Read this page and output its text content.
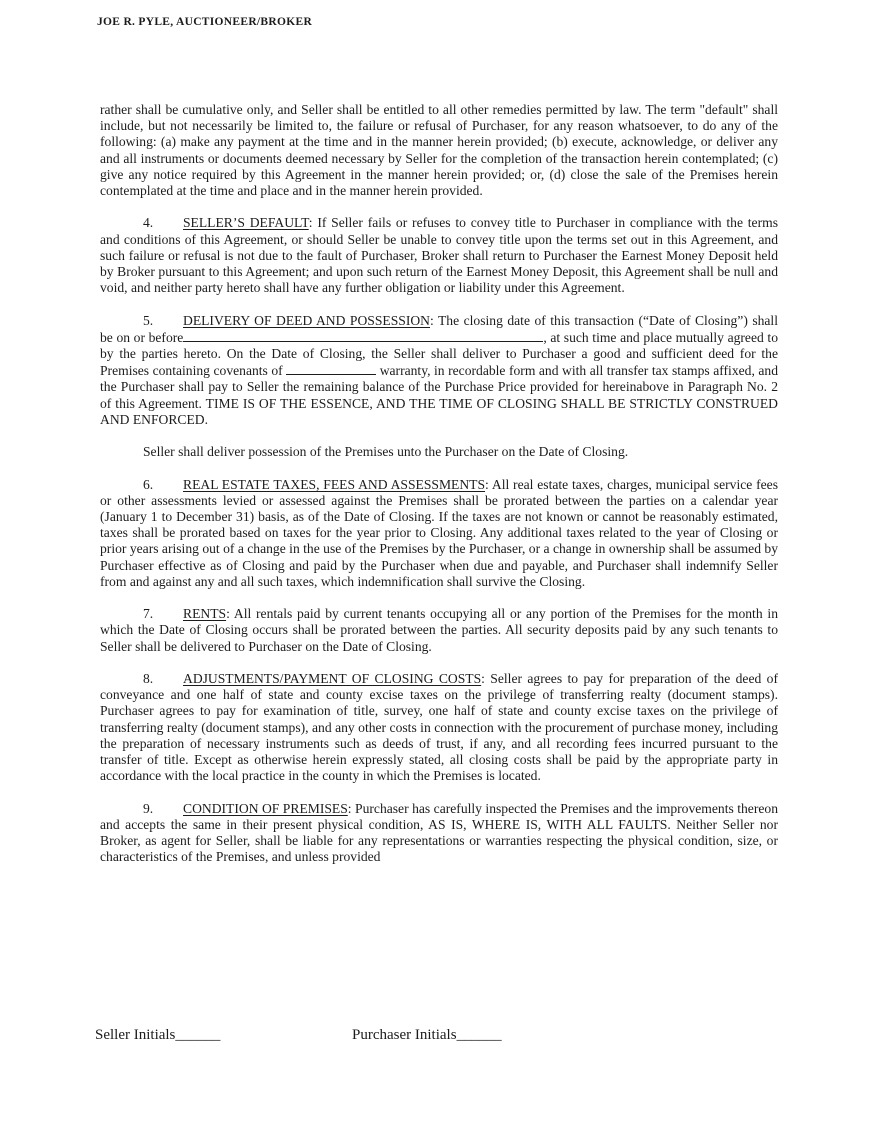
JOE R. PYLE, AUCTIONEER/BROKER

rather shall be cumulative only, and Seller shall be entitled to all other remedies permitted by law. The term "default" shall include, but not necessarily be limited to, the failure or refusal of Purchaser, for any reason whatsoever, to do any of the following: (a) make any payment at the time and in the manner herein provided; (b) execute, acknowledge, or deliver any and all instruments or documents deemed necessary by Seller for the completion of the transaction herein contemplated; (c) give any notice required by this Agreement in the manner herein provided; or, (d) close the sale of the Premises herein contemplated at the time and place and in the manner herein provided.

4. SELLER’S DEFAULT: If Seller fails or refuses to convey title to Purchaser in compliance with the terms and conditions of this Agreement, or should Seller be unable to convey title upon the terms set out in this Agreement, and such failure or refusal is not due to the fault of Purchaser, Broker shall return to Purchaser the Earnest Money Deposit held by Broker pursuant to this Agreement; and upon such return of the Earnest Money Deposit, this Agreement shall be null and void, and neither party hereto shall have any further obligation or liability under this Agreement.

5. DELIVERY OF DEED AND POSSESSION: The closing date of this transaction (“Date of Closing”) shall be on or before	, at such time and place mutually agreed to by the parties hereto. On the Date of Closing, the Seller shall deliver to Purchaser a good and sufficient deed for the Premises containing covenants of	warranty, in recordable form and with all transfer tax stamps affixed, and the Purchaser shall pay to Seller the remaining balance of the Purchase Price provided for hereinabove in Paragraph No. 2 of this Agreement. TIME IS OF THE ESSENCE, AND THE TIME OF CLOSING SHALL BE STRICTLY CONSTRUED AND ENFORCED.

Seller shall deliver possession of the Premises unto the Purchaser on the Date of Closing.

6. REAL ESTATE TAXES, FEES AND ASSESSMENTS: All real estate taxes, charges, municipal service fees or other assessments levied or assessed against the Premises shall be prorated between the parties on a calendar year (January 1 to December 31) basis, as of the Date of Closing. If the taxes are not known or cannot be reasonably estimated, taxes shall be prorated based on taxes for the year prior to Closing. Any additional taxes related to the year of Closing or prior years arising out of a change in the use of the Premises by the Purchaser, or a change in ownership shall be assumed by Purchaser effective as of Closing and paid by the Purchaser when due and payable, and Purchaser shall indemnify Seller from and against any and all such taxes, which indemnification shall survive the Closing.

7. RENTS: All rentals paid by current tenants occupying all or any portion of the Premises for the month in which the Date of Closing occurs shall be prorated between the parties. All security deposits paid by any such tenants to Seller shall be delivered to Purchaser on the Date of Closing.

8. ADJUSTMENTS/PAYMENT OF CLOSING COSTS: Seller agrees to pay for preparation of the deed of conveyance and one half of state and county excise taxes on the privilege of transferring realty (document stamps). Purchaser agrees to pay for examination of title, survey, one half of state and county excise taxes on the privilege of transferring realty (document stamps), and any other costs in connection with the procurement of purchase money, including the preparation of necessary instruments such as deeds of trust, if any, and all recording fees incurred pursuant to the transfer of title. Except as otherwise herein expressly stated, all closing costs shall be paid by the appropriate party in accordance with the local practice in the county in which the Premises is located.

9. CONDITION OF PREMISES: Purchaser has carefully inspected the Premises and the improvements thereon and accepts the same in their present physical condition, AS IS, WHERE IS, WITH ALL FAULTS. Neither Seller nor Broker, as agent for Seller, shall be liable for any representations or warranties respecting the physical condition, size, or characteristics of the Premises, and unless provided

Seller Initials______	Purchaser Initials______
